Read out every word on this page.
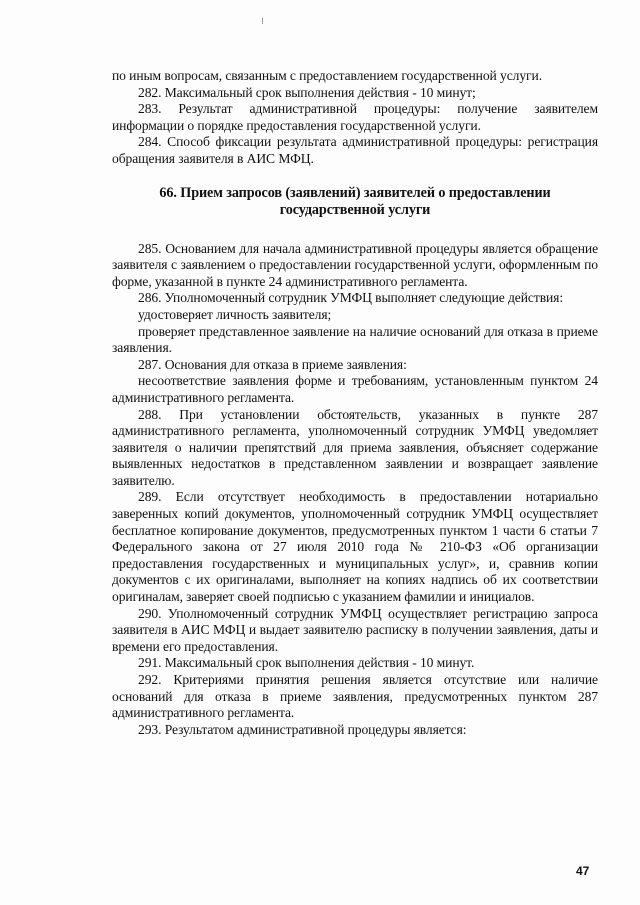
по иным вопросам, связанным с предоставлением государственной услуги.

282. Максимальный срок выполнения действия - 10 минут;

283. Результат административной процедуры: получение заявителем информации о порядке предоставления государственной услуги.

284. Способ фиксации результата административной процедуры: регистрация обращения заявителя в АИС МФЦ.

66. Прием запросов (заявлений) заявителей о предоставлении государственной услуги

285. Основанием для начала административной процедуры является обращение заявителя с заявлением о предоставлении государственной услуги, оформленным по форме, указанной в пункте 24 административного регламента.

286. Уполномоченный сотрудник УМФЦ выполняет следующие действия:

удостоверяет личность заявителя;

проверяет представленное заявление на наличие оснований для отказа в приеме заявления.

287. Основания для отказа в приеме заявления:

несоответствие заявления форме и требованиям, установленным пунктом 24 административного регламента.

288. При установлении обстоятельств, указанных в пункте 287 административного регламента, уполномоченный сотрудник УМФЦ уведомляет заявителя о наличии препятствий для приема заявления, объясняет содержание выявленных недостатков в представленном заявлении и возвращает заявление заявителю.

289. Если отсутствует необходимость в предоставлении нотариально заверенных копий документов, уполномоченный сотрудник УМФЦ осуществляет бесплатное копирование документов, предусмотренных пунктом 1 части 6 статьи 7 Федерального закона от 27 июля 2010 года № 210-ФЗ «Об организации предоставления государственных и муниципальных услуг», и, сравнив копии документов с их оригиналами, выполняет на копиях надпись об их соответствии оригиналам, заверяет своей подписью с указанием фамилии и инициалов.

290. Уполномоченный сотрудник УМФЦ осуществляет регистрацию запроса заявителя в АИС МФЦ и выдает заявителю расписку в получении заявления, даты и времени его предоставления.

291. Максимальный срок выполнения действия - 10 минут.

292. Критериями принятия решения является отсутствие или наличие оснований для отказа в приеме заявления, предусмотренных пунктом 287 административного регламента.

293. Результатом административной процедуры является:

47
